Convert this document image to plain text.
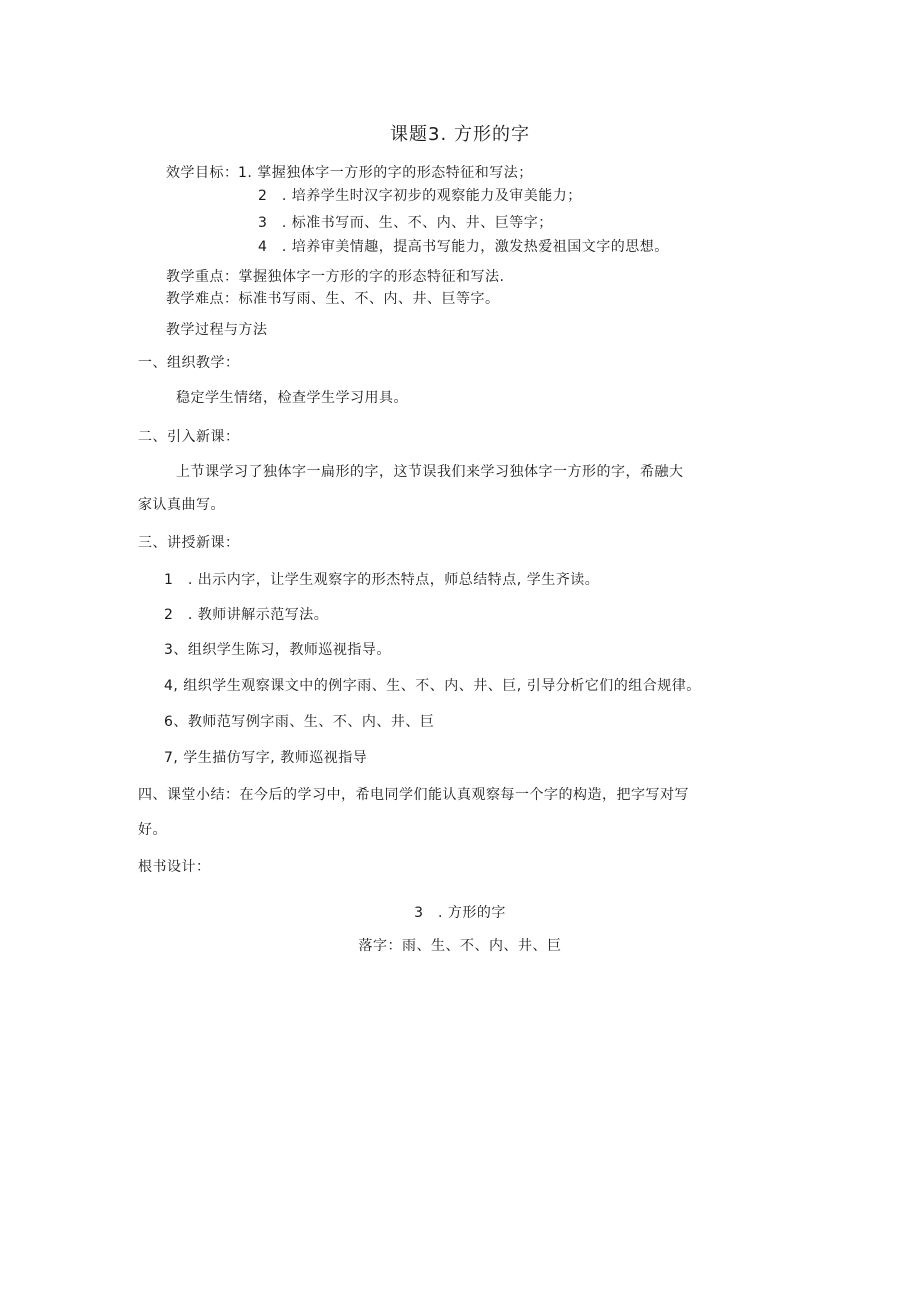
课题3. 方形的字
效学目标： 1. 掌握独体字一方形的字的形态特征和写法；
2　. 培养学生时汉字初步的观察能力及审美能力；
3　. 标准书写而、生、不、内、井、巨等字；
4　. 培养审美情趣，提高书写能力，激发热爱祖国文字的思想。
教学重点：掌握独体字一方形的字的形态特征和写法.
教学难点：标准书写雨、生、不、内、井、巨等字。
教学过程与方法
一、组织教学：
稳定学生情绪，检查学生学习用具。
二、引入新课：
上节课学习了独体字一扁形的字，这节误我们来学习独体字一方形的字，希融大
家认真曲写。
三、讲授新课：
1　. 出示内字，让学生观察字的形杰特点，师总结特点, 学生齐读。
2　. 教师讲解示范写法。
3、组织学生陈习，教师巡视指导。
4, 组织学生观察课文中的例字雨、生、不、内、井、巨, 引导分析它们的组合规律。
6、教师范写例字雨、生、不、内、井、巨
7, 学生描仿写字, 教师巡视指导
四、课堂小结：在今后的学习中，希电同学们能认真观察每一个字的构造，把字写对写
好。
根书设计：
3　. 方形的字
落字：雨、生、不、内、井、巨
